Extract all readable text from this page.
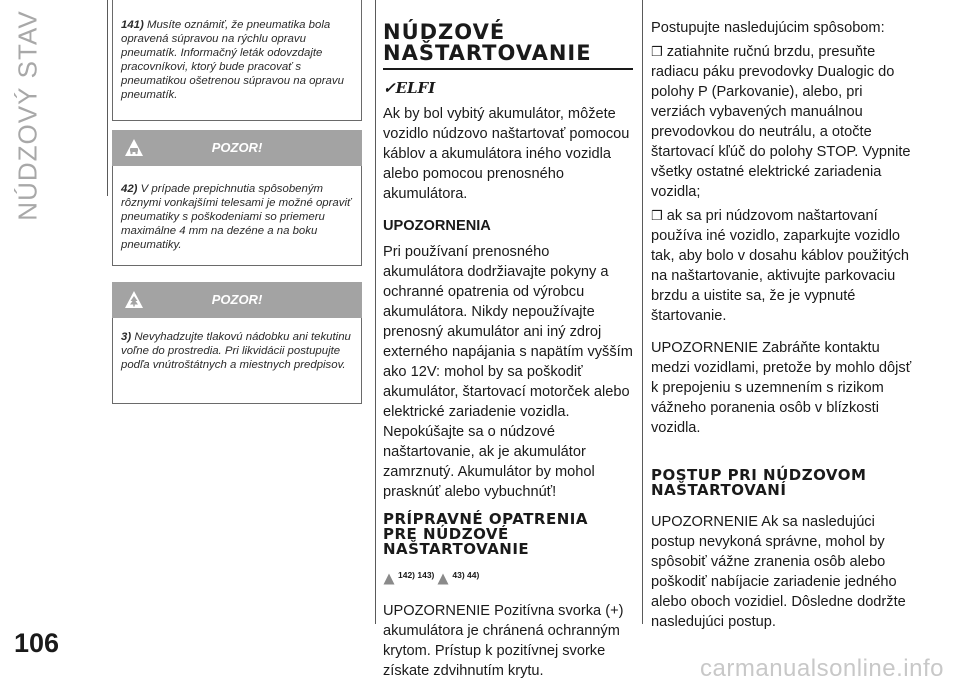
NÚDZOVÝ STAV	141) Musíte oznámiť, že pneumatika bola opravená súpravou na rýchlu opravu pneumatík. Informačný leták odovzdajte pracovníkovi, ktorý bude pracovať s pneumatikou ošetrenou súpravou na opravu pneumatík.
POZOR!
42) V prípade prepichnutia spôsobeným rôznymi vonkajšími telesami je možné opraviť pneumatiky s poškodeniami so priemeru maximálne 4 mm na dezéne a na boku pneumatiky.
POZOR!
3) Nevyhadzujte tlakovú nádobku ani tekutinu voľne do prostredia. Pri likvidácii postupujte podľa vnútroštátnych a miestnych predpisov.
NÚDZOVÉ
NAŠTARTOVANIE
✓ELFI

Ak by bol vybitý akumulátor, môžete vozidlo núdzovo naštartovať pomocou káblov a akumulátora iného vozidla alebo pomocou prenosného akumulátora.

UPOZORNENIA

Pri používaní prenosného akumulátora dodržiavajte pokyny a ochranné opatrenia od výrobcu akumulátora. Nikdy nepoužívajte prenosný akumulátor ani iný zdroj externého napájania s napätím vyšším ako 12V: mohol by sa poškodiť akumulátor, štartovací motorček alebo elektrické zariadenie vozidla.

Nepokúšajte sa o núdzové naštartovanie, ak je akumulátor zamrznutý. Akumulátor by mohol prasknúť alebo vybuchnúť!

PRÍPRAVNÉ OPATRENIA
PRE NÚDZOVÉ
NAŠTARTOVANIE
142) 143) 43) 44)

UPOZORNENIE Pozitívna svorka (+) akumulátora je chránená ochranným krytom. Prístup k pozitívnej svorke získate zdvihnutím krytu.

Postupujte nasledujúcim spôsobom:

❒ zatiahnite ručnú brzdu, presuňte radiacu páku prevodovky Dualogic do polohy P (Parkovanie), alebo, pri verziách vybavených manuálnou prevodovkou do neutrálu, a otočte štartovací kľúč do polohy STOP. Vypnite všetky ostatné elektrické zariadenia vozidla;

❒ ak sa pri núdzovom naštartovaní používa iné vozidlo, zaparkujte vozidlo tak, aby bolo v dosahu káblov použitých na naštartovanie, aktivujte parkovaciu brzdu a uistite sa, že je vypnuté štartovanie.

UPOZORNENIE Zabráňte kontaktu medzi vozidlami, pretože by mohlo dôjsť k prepojeniu s uzemnením s rizikom vážneho poranenia osôb v blízkosti vozidla.

POSTUP PRI NÚDZOVOM
NAŠTARTOVANÍ

UPOZORNENIE Ak sa nasledujúci postup nevykoná správne, mohol by spôsobiť vážne zranenia osôb alebo poškodiť nabíjacie zariadenie jedného alebo oboch vozidiel. Dôsledne dodržte nasledujúci postup.

106
carmanualsonline.info
